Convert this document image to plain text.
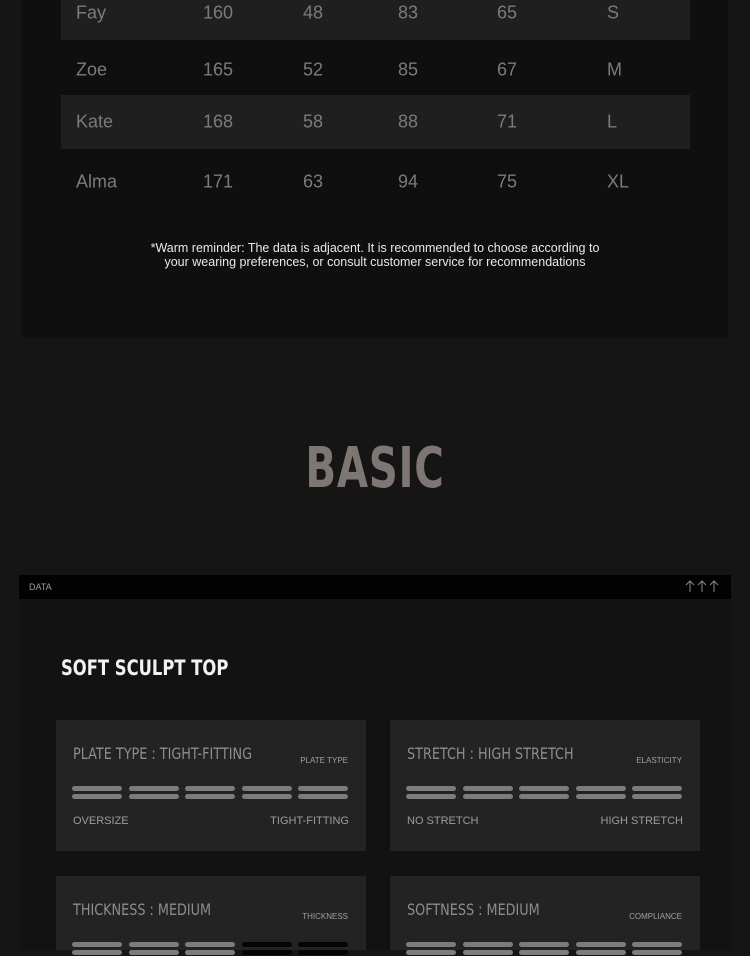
Fay	160	48	83	65	S
Zoe	165	52	85	67	M
Kate	168	58	88	71	L
Alma	171	63	94	75	XL
*Warm reminder: The data is adjacent. It is recommended to choose according to
your wearing preferences, or consult customer service for recommendations
BASIC
DATA
SOFT SCULPT TOP
PLATE TYPE : TIGHT-FITTING	PLATE TYPE
OVERSIZE	TIGHT-FITTING
STRETCH : HIGH STRETCH	ELASTICITY
NO STRETCH	HIGH STRETCH
THICKNESS : MEDIUM	THICKNESS	SOFTNESS : MEDIUM	COMPLIANCE
